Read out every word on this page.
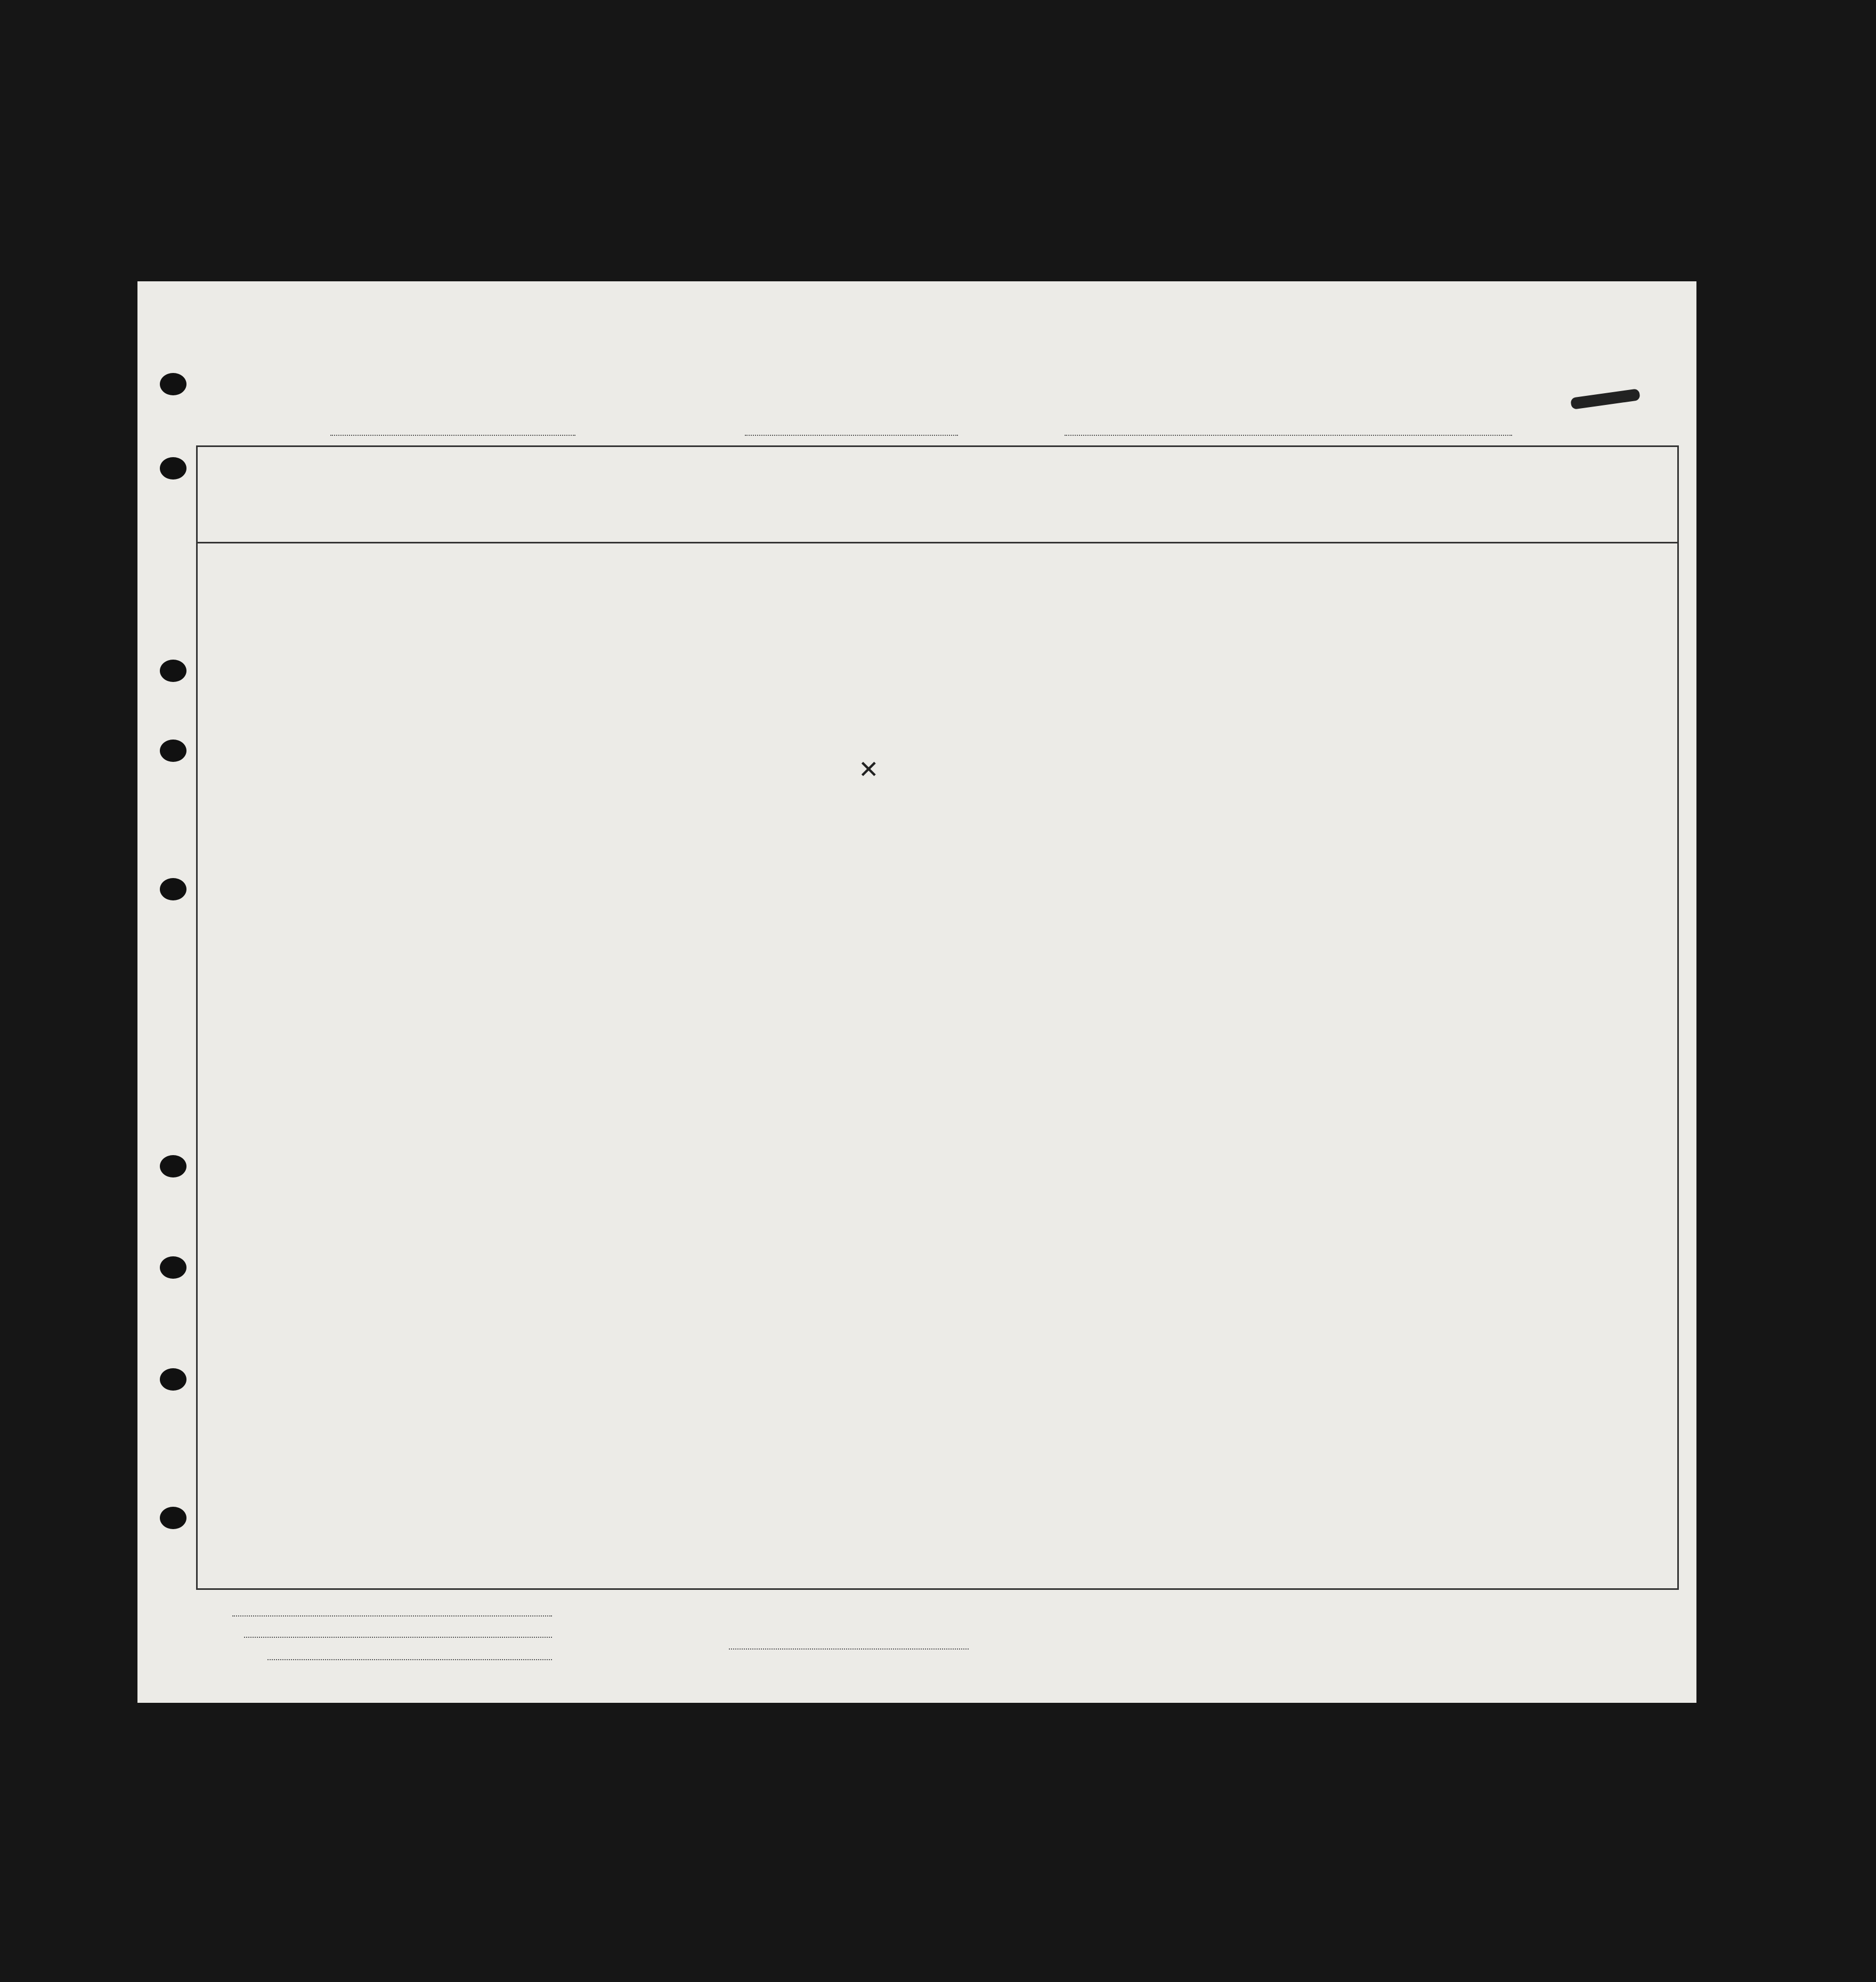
✕
